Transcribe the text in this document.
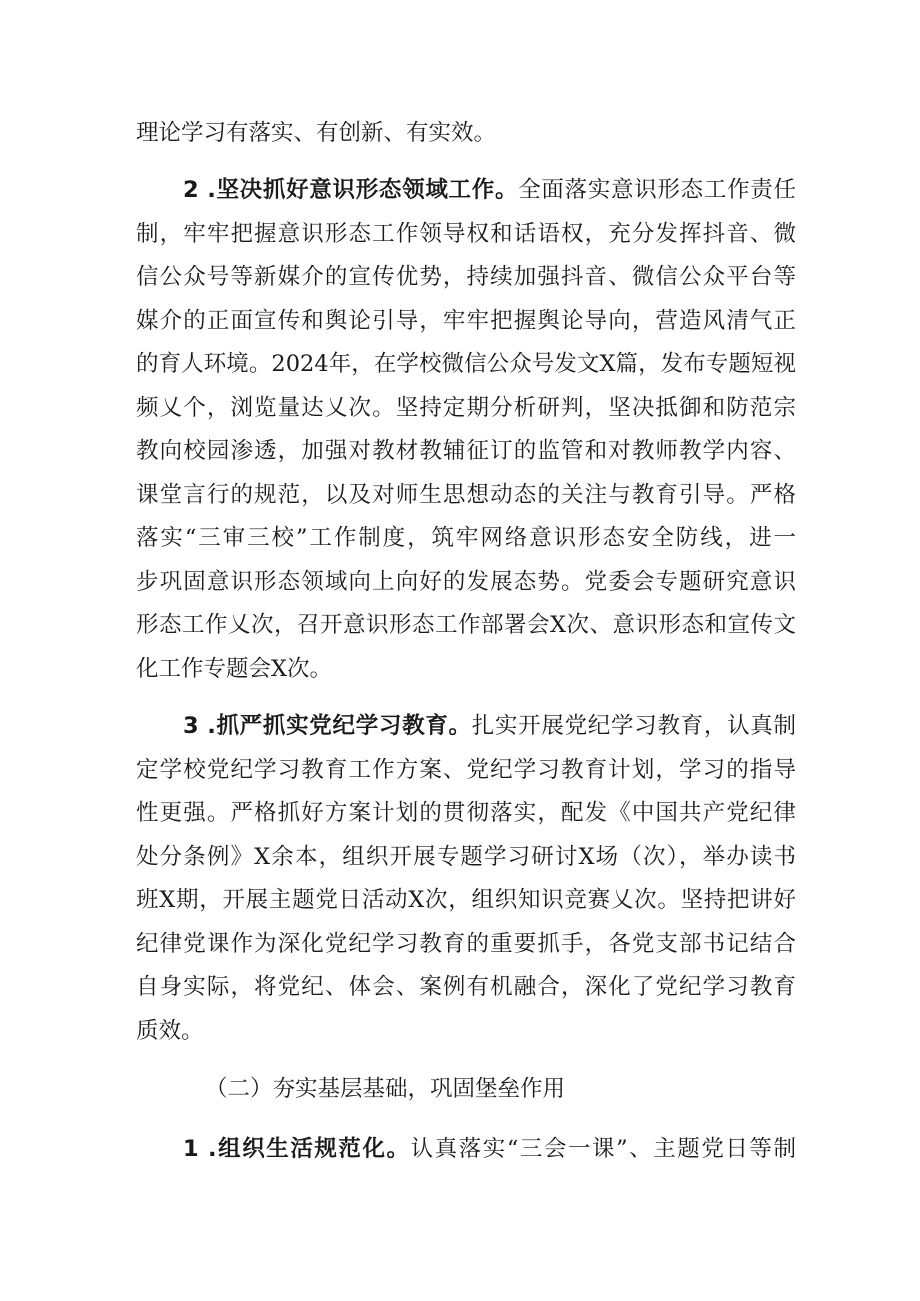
理论学习有落实、有创新、有实效。
2 .坚决抓好意识形态领域工作。全面落实意识形态工作责任
制，牢牢把握意识形态工作领导权和话语权，充分发挥抖音、微
信公众号等新媒介的宣传优势，持续加强抖音、微信公众平台等
媒介的正面宣传和舆论引导，牢牢把握舆论导向，营造风清气正
的育人环境。2024年，在学校微信公众号发文X篇，发布专题短视
频乂个，浏览量达乂次。坚持定期分析研判，坚决抵御和防范宗
教向校园渗透，加强对教材教辅征订的监管和对教师教学内容、
课堂言行的规范，以及对师生思想动态的关注与教育引导。严格
落实“三审三校”工作制度，筑牢网络意识形态安全防线，进一
步巩固意识形态领域向上向好的发展态势。党委会专题研究意识
形态工作乂次，召开意识形态工作部署会X次、意识形态和宣传文
化工作专题会X次。
3 .抓严抓实党纪学习教育。扎实开展党纪学习教育，认真制
定学校党纪学习教育工作方案、党纪学习教育计划，学习的指导
性更强。严格抓好方案计划的贯彻落实，配发《中国共产党纪律
处分条例》X余本，组织开展专题学习研讨X场（次），举办读书
班X期，开展主题党日活动X次，组织知识竞赛乂次。坚持把讲好
纪律党课作为深化党纪学习教育的重要抓手，各党支部书记结合
自身实际，将党纪、体会、案例有机融合，深化了党纪学习教育
质效。
（二）夯实基层基础，巩固堡垒作用
1 .组织生活规范化。认真落实“三会一课”、主题党日等制
